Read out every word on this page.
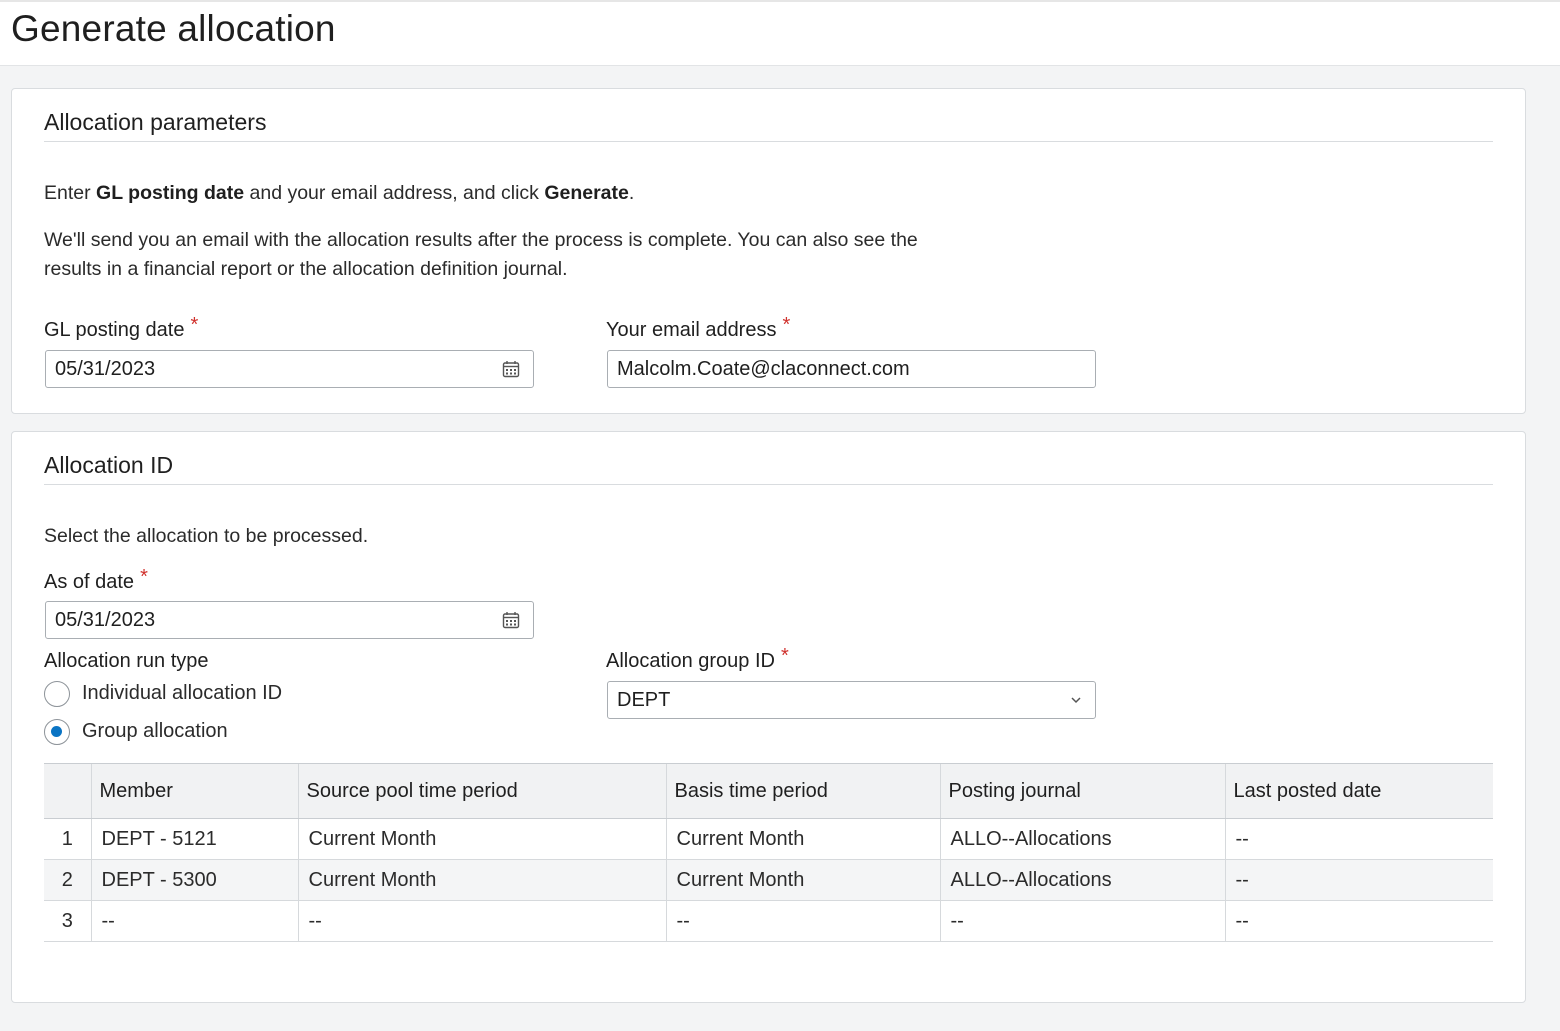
Generate allocation
Allocation parameters
Enter GL posting date and your email address, and click Generate.
We'll send you an email with the allocation results after the process is complete. You can also see the
results in a financial report or the allocation definition journal.
GL posting date *
05/31/2023
Your email address *
Malcolm.Coate@claconnect.com
Allocation ID
Select the allocation to be processed.
As of date *
05/31/2023
Allocation run type
Individual allocation ID
Group allocation
Allocation group ID *
DEPT
	Member	Source pool time period	Basis time period	Posting journal	Last posted date
1	DEPT - 5121	Current Month	Current Month	ALLO--Allocations	--
2	DEPT - 5300	Current Month	Current Month	ALLO--Allocations	--
3	--	--	--	--	--
